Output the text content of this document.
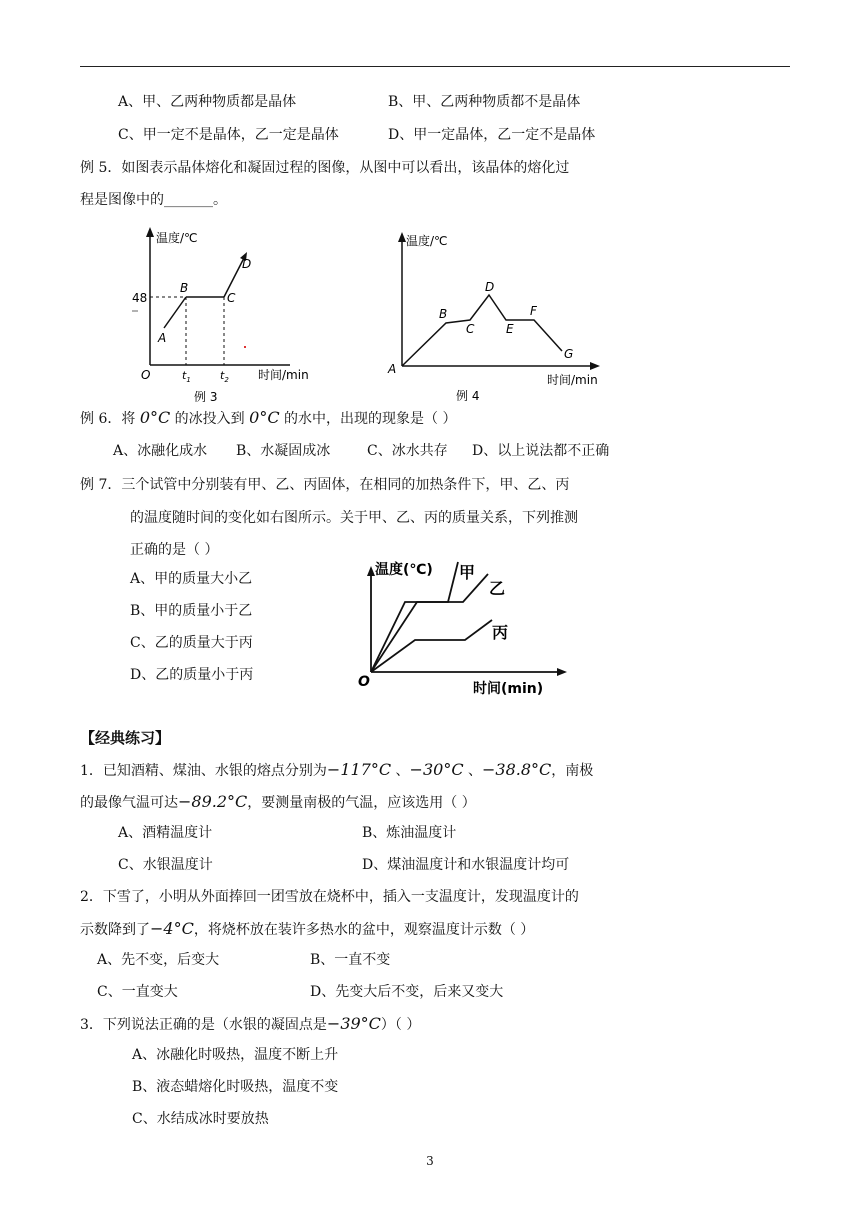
A、甲、乙两种物质都是晶体	B、甲、乙两种物质都不是晶体
C、甲一定不是晶体，乙一定是晶体	D、甲一定晶体，乙一定不是晶体
例 5．如图表示晶体熔化和凝固过程的图像，从图中可以看出，该晶体的熔化过
程是图像中的_______。
温度/℃
48
A
B
C
D
O	$t_1$	$t_2$ 时间/min
例 3
温度/℃
A
B
C
D
E
F
G
时间/min
例 4
例 6．将 0°C 的冰投入到 0°C 的水中，出现的现象是（ ）
A、冰融化成水 B、水凝固成冰	C、冰水共存 D、以上说法都不正确
例 7．三个试管中分别装有甲、乙、丙固体，在相同的加热条件下，甲、乙、丙
的温度随时间的变化如右图所示。关于甲、乙、丙的质量关系，下列推测
正确的是（ ）
A、甲的质量大小乙
B、甲的质量小于乙
C、乙的质量大于丙
D、乙的质量小于丙
温度(℃) 甲
乙
丙
O	时间(min)
【经典练习】
1．已知酒精、煤油、水银的熔点分别为−117°C 、−30°C 、−38.8°C，南极
的最像气温可达−89.2°C，要测量南极的气温，应该选用（ ）
A、酒精温度计	B、炼油温度计
C、水银温度计	D、煤油温度计和水银温度计均可
2．下雪了，小明从外面捧回一团雪放在烧杯中，插入一支温度计，发现温度计的
示数降到了−4°C，将烧杯放在装许多热水的盆中，观察温度计示数（ ）
A、先不变，后变大	B、一直不变
C、一直变大	D、先变大后不变，后来又变大
3．下列说法正确的是（水银的凝固点是−39°C）（ ）
A、冰融化时吸热，温度不断上升
B、液态蜡熔化时吸热，温度不变
C、水结成冰时要放热
3
